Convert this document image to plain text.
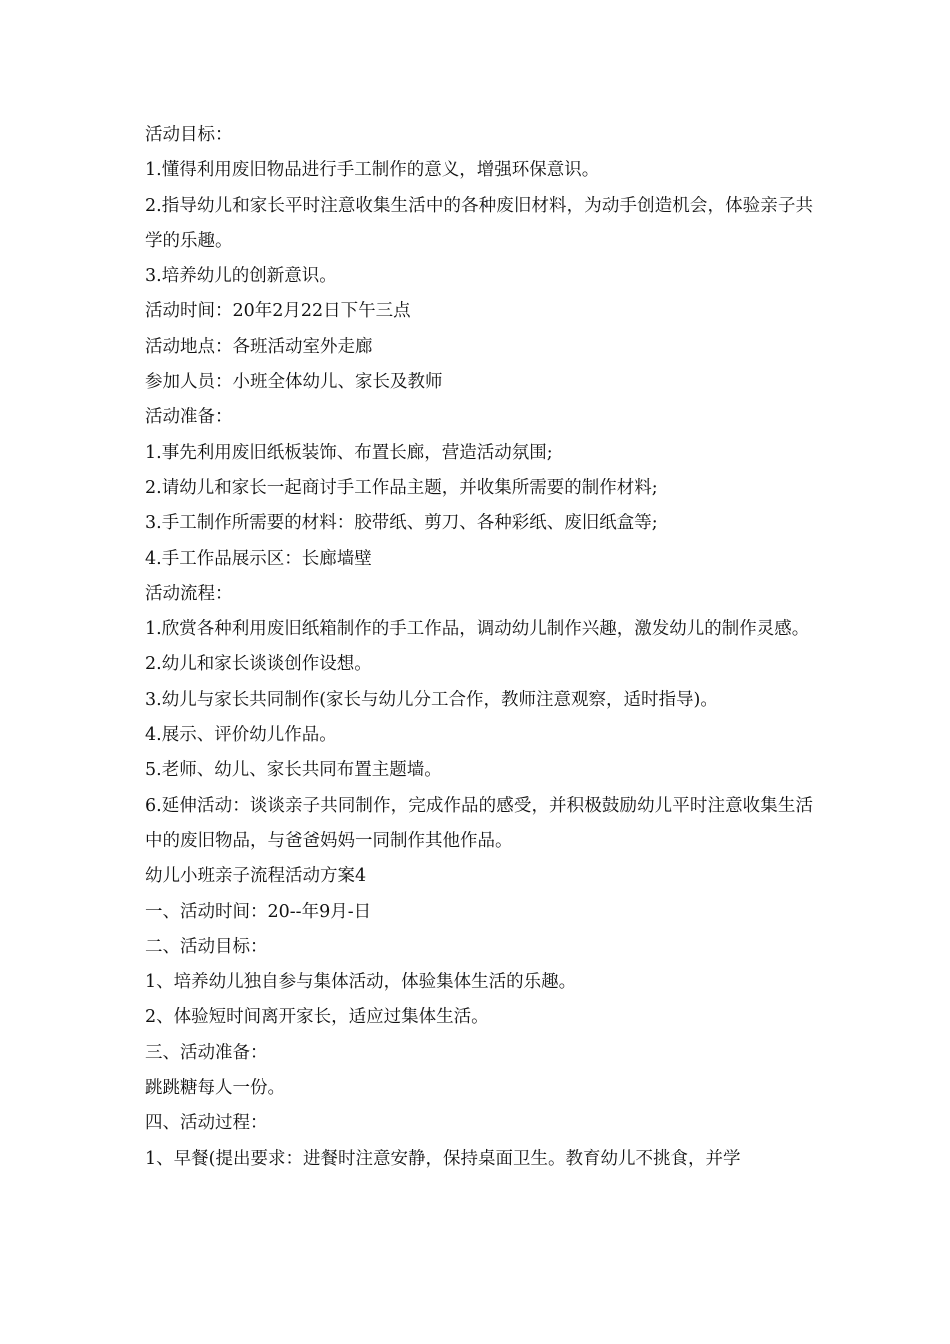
活动目标：
1.懂得利用废旧物品进行手工制作的意义，增强环保意识。
2.指导幼儿和家长平时注意收集生活中的各种废旧材料，为动手创造机会，体验亲子共学的乐趣。
3.培养幼儿的创新意识。
活动时间：20年2月22日下午三点
活动地点：各班活动室外走廊
参加人员：小班全体幼儿、家长及教师
活动准备：
1.事先利用废旧纸板装饰、布置长廊，营造活动氛围;
2.请幼儿和家长一起商讨手工作品主题，并收集所需要的制作材料;
3.手工制作所需要的材料：胶带纸、剪刀、各种彩纸、废旧纸盒等;
4.手工作品展示区：长廊墙壁
活动流程：
1.欣赏各种利用废旧纸箱制作的手工作品，调动幼儿制作兴趣，激发幼儿的制作灵感。
2.幼儿和家长谈谈创作设想。
3.幼儿与家长共同制作(家长与幼儿分工合作，教师注意观察，适时指导)。
4.展示、评价幼儿作品。
5.老师、幼儿、家长共同布置主题墙。
6.延伸活动：谈谈亲子共同制作，完成作品的感受，并积极鼓励幼儿平时注意收集生活中的废旧物品，与爸爸妈妈一同制作其他作品。
幼儿小班亲子流程活动方案4
一、活动时间：20--年9月-日
二、活动目标：
1、培养幼儿独自参与集体活动，体验集体生活的乐趣。
2、体验短时间离开家长，适应过集体生活。
三、活动准备：
跳跳糖每人一份。
四、活动过程：
1、早餐(提出要求：进餐时注意安静，保持桌面卫生。教育幼儿不挑食，并学
